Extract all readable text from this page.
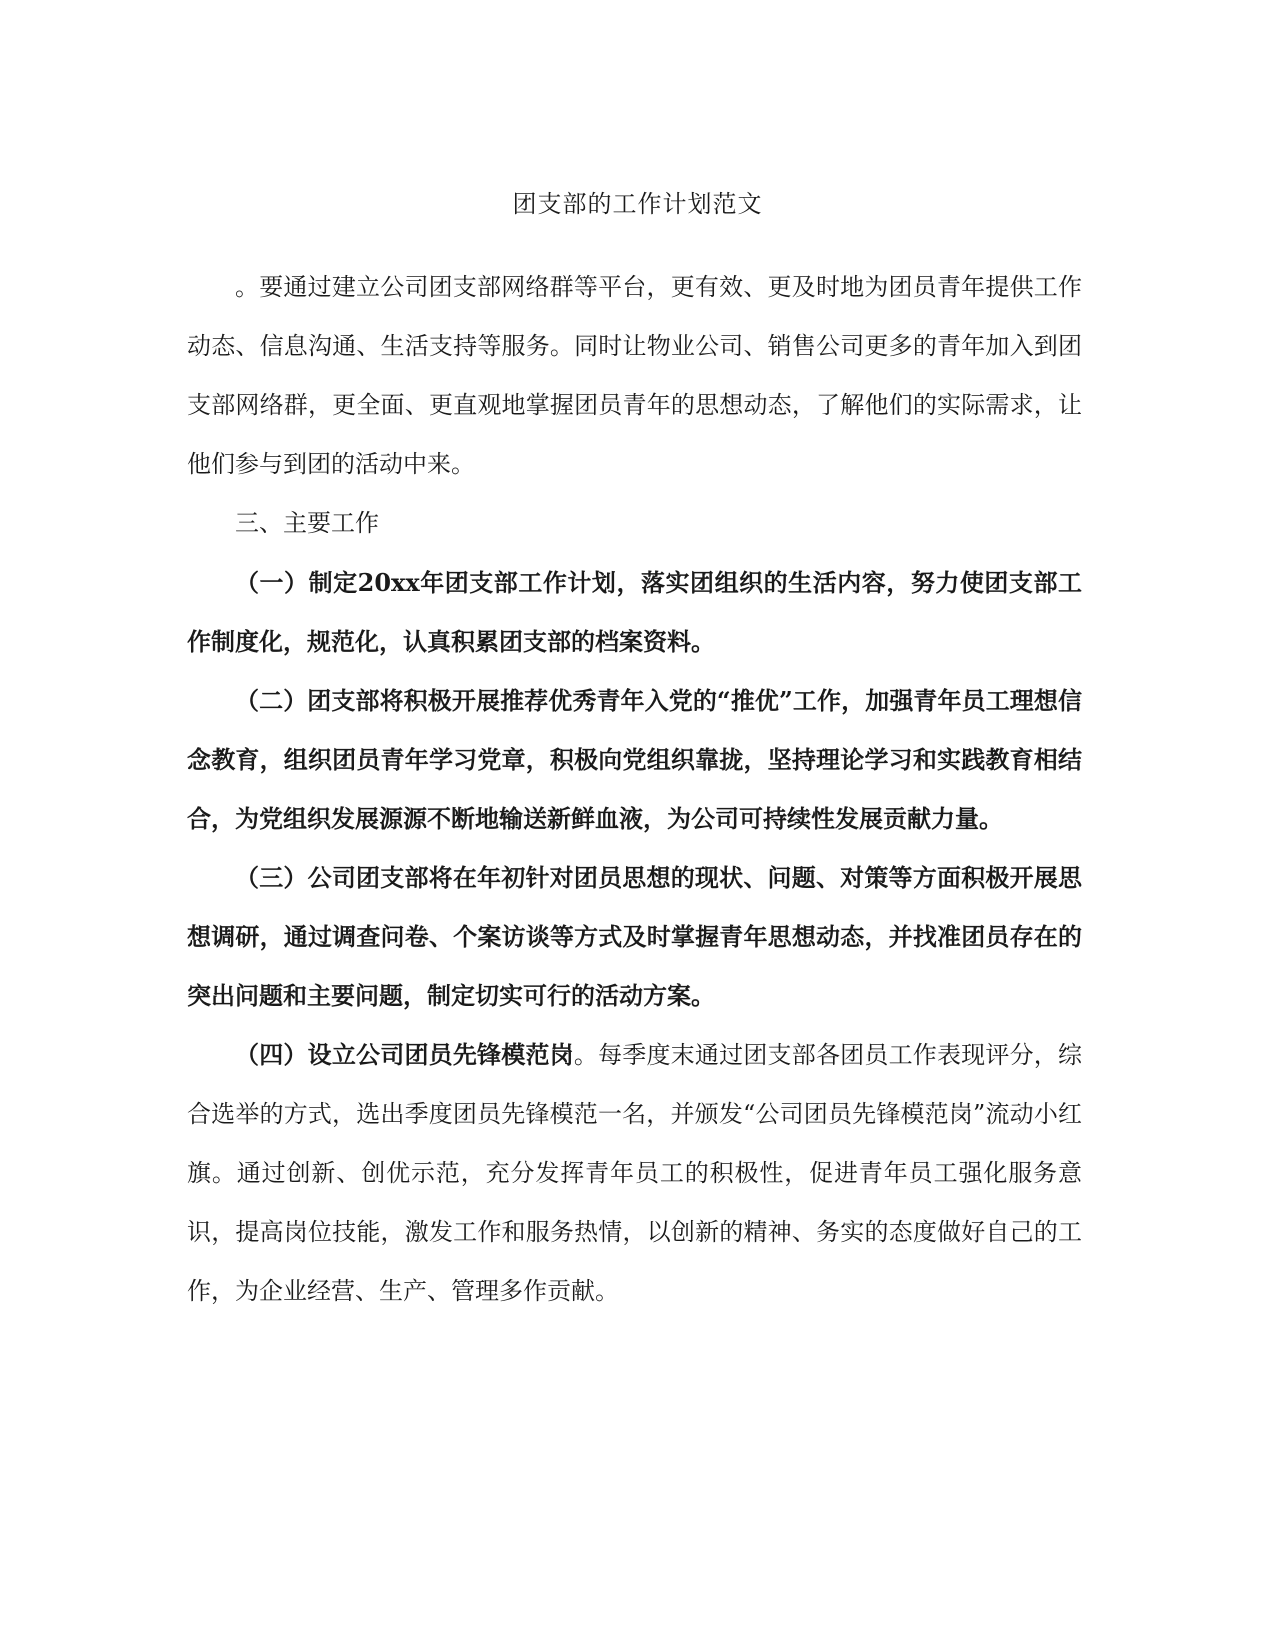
团支部的工作计划范文

。要通过建立公司团支部网络群等平台，更有效、更及时地为团员青年提供工作动态、信息沟通、生活支持等服务。同时让物业公司、销售公司更多的青年加入到团支部网络群，更全面、更直观地掌握团员青年的思想动态，了解他们的实际需求，让他们参与到团的活动中来。

三、主要工作

（一）制定20xx年团支部工作计划，落实团组织的生活内容，努力使团支部工作制度化，规范化，认真积累团支部的档案资料。

（二）团支部将积极开展推荐优秀青年入党的“推优”工作，加强青年员工理想信念教育，组织团员青年学习党章，积极向党组织靠拢，坚持理论学习和实践教育相结合，为党组织发展源源不断地输送新鲜血液，为公司可持续性发展贡献力量。

（三）公司团支部将在年初针对团员思想的现状、问题、对策等方面积极开展思想调研，通过调查问卷、个案访谈等方式及时掌握青年思想动态，并找准团员存在的突出问题和主要问题，制定切实可行的活动方案。

（四）设立公司团员先锋模范岗。每季度末通过团支部各团员工作表现评分，综合选举的方式，选出季度团员先锋模范一名，并颁发“公司团员先锋模范岗”流动小红旗。通过创新、创优示范，充分发挥青年员工的积极性，促进青年员工强化服务意识，提高岗位技能，激发工作和服务热情，以创新的精神、务实的态度做好自己的工作，为企业经营、生产、管理多作贡献。
